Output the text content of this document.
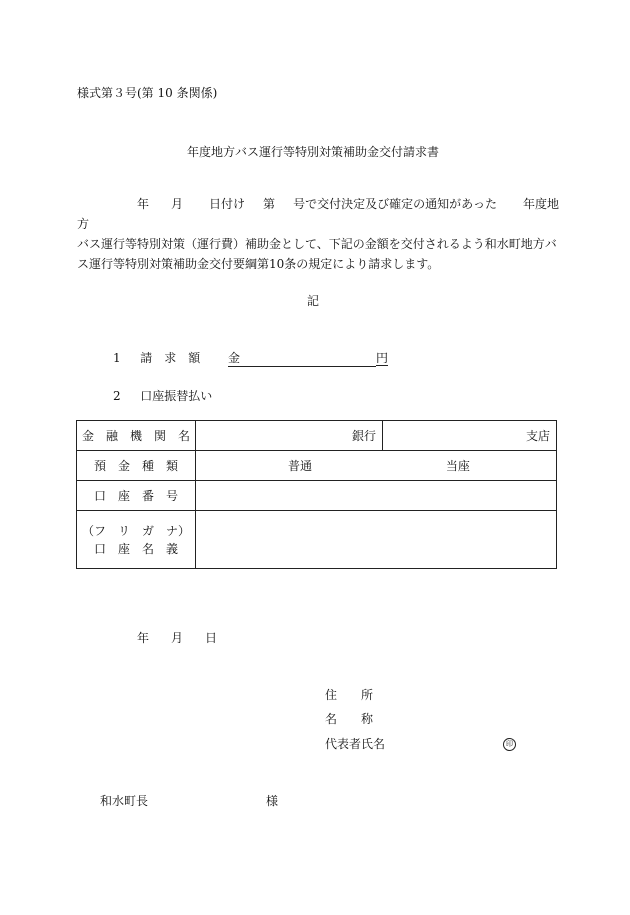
様式第３号(第 10 条関係)
年度地方バス運行等特別対策補助金交付請求書
年 月 日付け 第 号で交付決定及び確定の通知があった 年度地方
バス運行等特別対策（運行費）補助金として、下記の金額を交付されるよう和水町地方バ
ス運行等特別対策補助金交付要綱第10条の規定により請求します。
記
1 請　求　額 金	円
2 口座振替払い
金　融　機　関　名	銀行	支店
預　金　種　類	普通 当座	
口　座　番　号		

（フ　リ　ガ　ナ）
口　座　名　義		

年 月 日
住　　所
名　　称
代表者氏名	印
和水町長	様
